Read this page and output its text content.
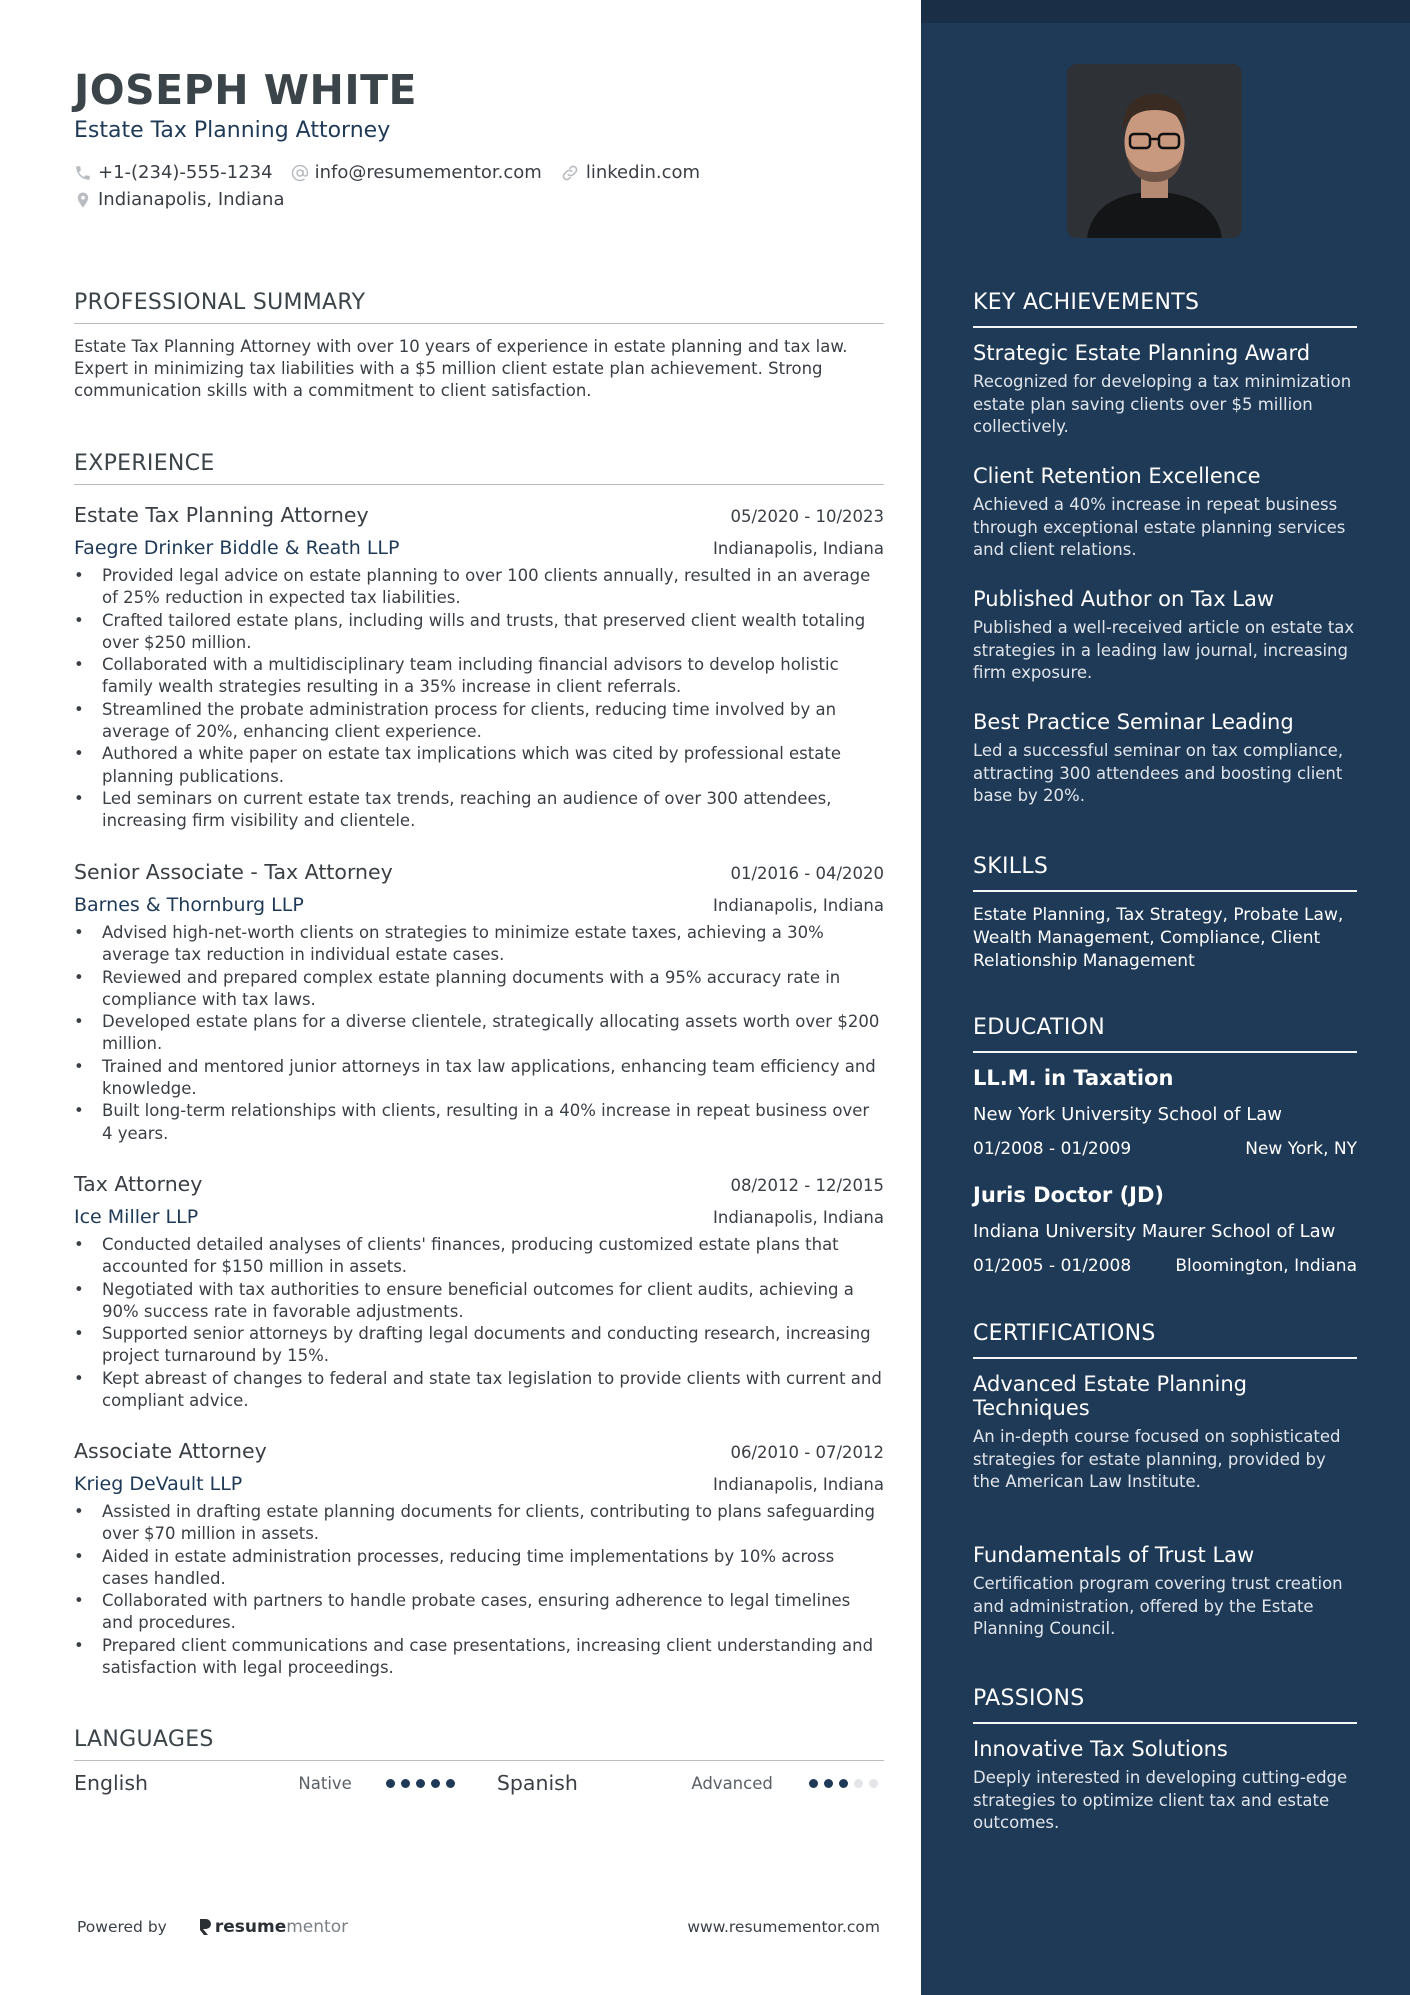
JOSEPH WHITE
Estate Tax Planning Attorney
+1-(234)-555-1234 info@resumementor.com linkedin.com
Indianapolis, Indiana
PROFESSIONAL SUMMARY
Estate Tax Planning Attorney with over 10 years of experience in estate planning and tax law. Expert in minimizing tax liabilities with a $5 million client estate plan achievement. Strong communication skills with a commitment to client satisfaction.
EXPERIENCE
Estate Tax Planning Attorney	05/2020 - 10/2023
Faegre Drinker Biddle & Reath LLP	Indianapolis, Indiana
• Provided legal advice on estate planning to over 100 clients annually, resulted in an average of 25% reduction in expected tax liabilities.
• Crafted tailored estate plans, including wills and trusts, that preserved client wealth totaling over $250 million.
• Collaborated with a multidisciplinary team including financial advisors to develop holistic family wealth strategies resulting in a 35% increase in client referrals.
• Streamlined the probate administration process for clients, reducing time involved by an average of 20%, enhancing client experience.
• Authored a white paper on estate tax implications which was cited by professional estate planning publications.
• Led seminars on current estate tax trends, reaching an audience of over 300 attendees, increasing firm visibility and clientele.
Senior Associate - Tax Attorney	01/2016 - 04/2020
Barnes & Thornburg LLP	Indianapolis, Indiana
• Advised high-net-worth clients on strategies to minimize estate taxes, achieving a 30% average tax reduction in individual estate cases.
• Reviewed and prepared complex estate planning documents with a 95% accuracy rate in compliance with tax laws.
• Developed estate plans for a diverse clientele, strategically allocating assets worth over $200 million.
• Trained and mentored junior attorneys in tax law applications, enhancing team efficiency and knowledge.
• Built long-term relationships with clients, resulting in a 40% increase in repeat business over 4 years.
Tax Attorney	08/2012 - 12/2015
Ice Miller LLP	Indianapolis, Indiana
• Conducted detailed analyses of clients' finances, producing customized estate plans that accounted for $150 million in assets.
• Negotiated with tax authorities to ensure beneficial outcomes for client audits, achieving a 90% success rate in favorable adjustments.
• Supported senior attorneys by drafting legal documents and conducting research, increasing project turnaround by 15%.
• Kept abreast of changes to federal and state tax legislation to provide clients with current and compliant advice.
Associate Attorney	06/2010 - 07/2012
Krieg DeVault LLP	Indianapolis, Indiana
• Assisted in drafting estate planning documents for clients, contributing to plans safeguarding over $70 million in assets.
• Aided in estate administration processes, reducing time implementations by 10% across cases handled.
• Collaborated with partners to handle probate cases, ensuring adherence to legal timelines and procedures.
• Prepared client communications and case presentations, increasing client understanding and satisfaction with legal proceedings.
LANGUAGES
English	Native	Spanish	Advanced
Powered by	resume mentor	www.resumementor.com
KEY ACHIEVEMENTS
Strategic Estate Planning Award
Recognized for developing a tax minimization estate plan saving clients over $5 million collectively.
Client Retention Excellence
Achieved a 40% increase in repeat business through exceptional estate planning services and client relations.
Published Author on Tax Law
Published a well-received article on estate tax strategies in a leading law journal, increasing firm exposure.
Best Practice Seminar Leading
Led a successful seminar on tax compliance, attracting 300 attendees and boosting client base by 20%.
SKILLS
Estate Planning, Tax Strategy, Probate Law, Wealth Management, Compliance, Client Relationship Management
EDUCATION
LL.M. in Taxation
New York University School of Law
01/2008 - 01/2009	New York, NY
Juris Doctor (JD)
Indiana University Maurer School of Law
01/2005 - 01/2008	Bloomington, Indiana
CERTIFICATIONS
Advanced Estate Planning Techniques
An in-depth course focused on sophisticated strategies for estate planning, provided by the American Law Institute.
Fundamentals of Trust Law
Certification program covering trust creation and administration, offered by the Estate Planning Council.
PASSIONS
Innovative Tax Solutions
Deeply interested in developing cutting-edge strategies to optimize client tax and estate outcomes.
